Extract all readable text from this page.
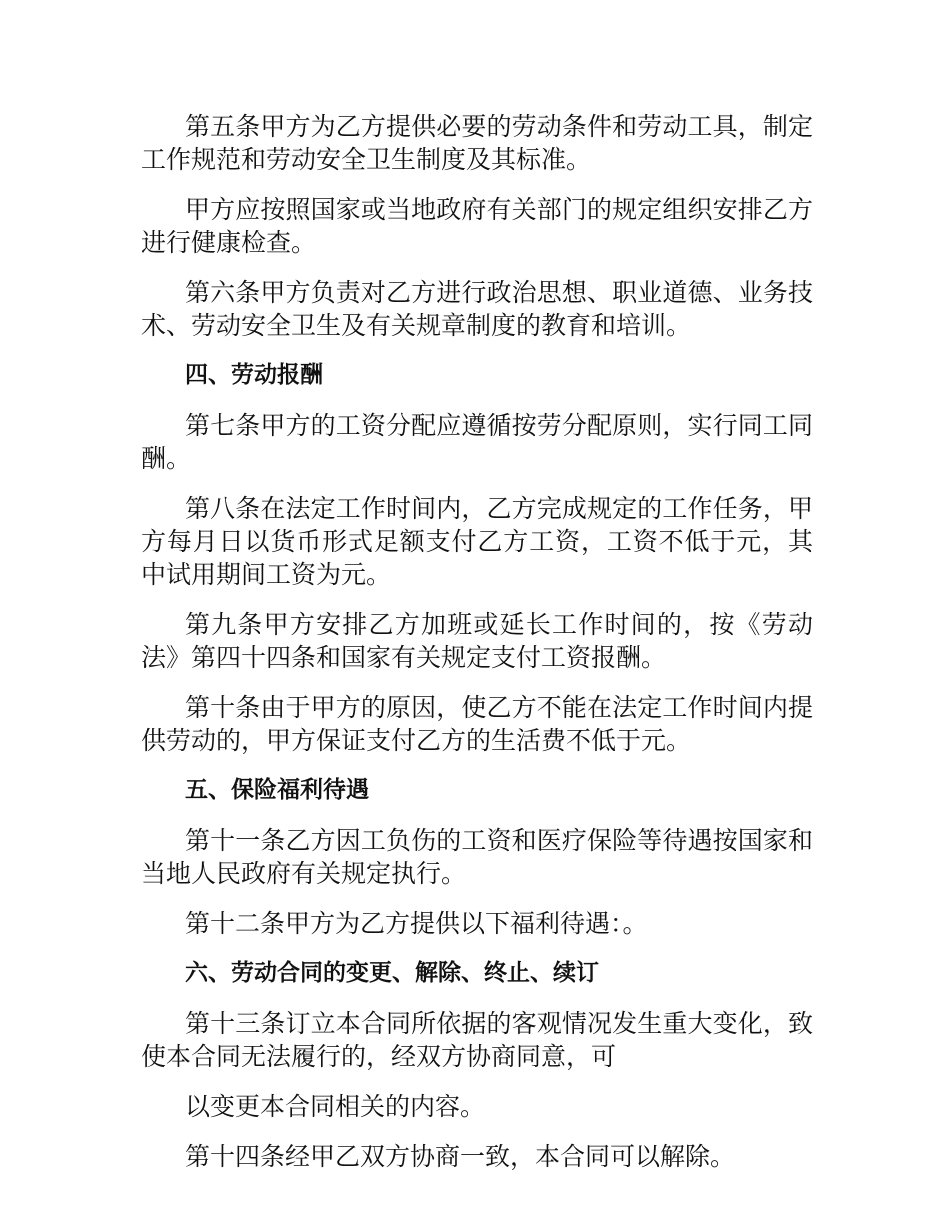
第五条甲方为乙方提供必要的劳动条件和劳动工具，制定工作规范和劳动安全卫生制度及其标准。

甲方应按照国家或当地政府有关部门的规定组织安排乙方进行健康检查。

第六条甲方负责对乙方进行政治思想、职业道德、业务技术、劳动安全卫生及有关规章制度的教育和培训。

四、劳动报酬

第七条甲方的工资分配应遵循按劳分配原则，实行同工同酬。

第八条在法定工作时间内，乙方完成规定的工作任务，甲方每月日以货币形式足额支付乙方工资，工资不低于元，其中试用期间工资为元。

第九条甲方安排乙方加班或延长工作时间的，按《劳动法》第四十四条和国家有关规定支付工资报酬。

第十条由于甲方的原因，使乙方不能在法定工作时间内提供劳动的，甲方保证支付乙方的生活费不低于元。

五、保险福利待遇

第十一条乙方因工负伤的工资和医疗保险等待遇按国家和当地人民政府有关规定执行。

第十二条甲方为乙方提供以下福利待遇：。

六、劳动合同的变更、解除、终止、续订

第十三条订立本合同所依据的客观情况发生重大变化，致使本合同无法履行的，经双方协商同意，可

以变更本合同相关的内容。

第十四条经甲乙双方协商一致，本合同可以解除。
